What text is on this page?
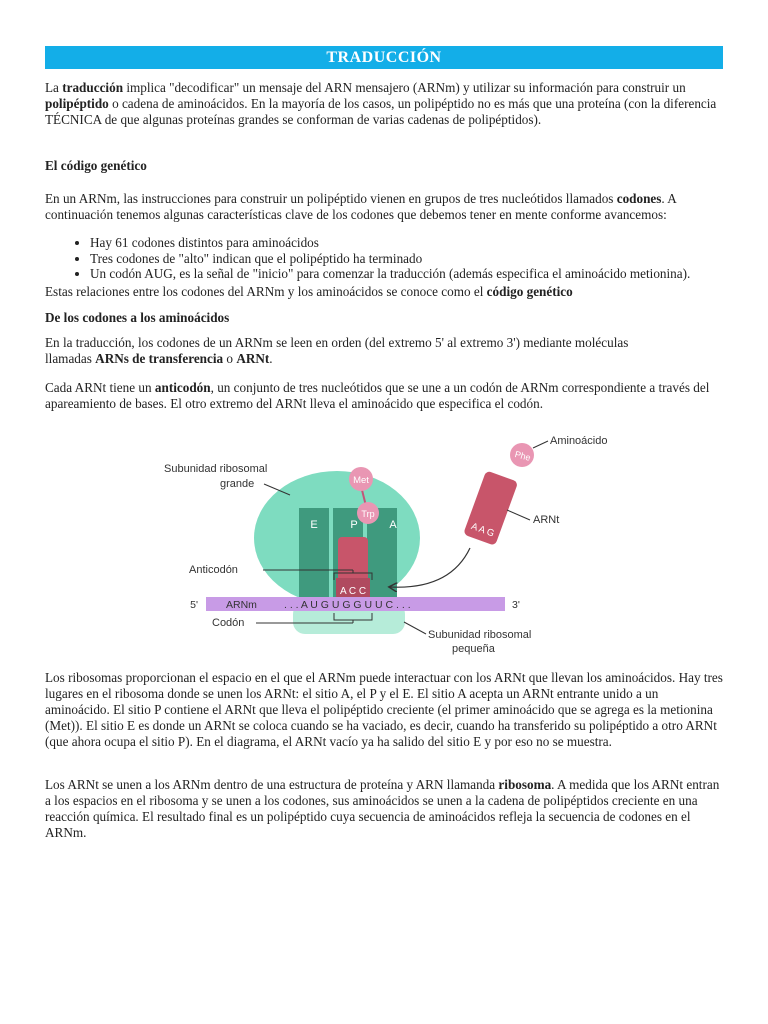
TRADUCCIÓN
La traducción implica "decodificar" un mensaje del ARN mensajero (ARNm) y utilizar su información para construir un polipéptido o cadena de aminoácidos. En la mayoría de los casos, un polipéptido no es más que una proteína (con la diferencia TÉCNICA de que algunas proteínas grandes se conforman de varias cadenas de polipéptidos).
El código genético
En un ARNm, las instrucciones para construir un polipéptido vienen en grupos de tres nucleótidos llamados codones. A continuación tenemos algunas características clave de los codones que debemos tener en mente conforme avancemos:
• Hay 61 codones distintos para aminoácidos
• Tres codones de "alto" indican que el polipéptido ha terminado
• Un codón AUG, es la señal de "inicio" para comenzar la traducción (además especifica el aminoácido metionina).
Estas relaciones entre los codones del ARNm y los aminoácidos se conoce como el código genético
De los codones a los aminoácidos
En la traducción, los codones de un ARNm se leen en orden (del extremo 5' al extremo 3') mediante moléculas llamadas ARNs de transferencia o ARNt.
Cada ARNt tiene un anticodón, un conjunto de tres nucleótidos que se une a un codón de ARNm correspondiente a través del apareamiento de bases. El otro extremo del ARNt lleva el aminoácido que especifica el codón.
E	P	A
A C C
Met
Trp
5'	3'
ARNm	. . . A U G U G G U U C . . .
A A G
Phe
Anticodón
Codón
Subunidad ribosomal
grande
Subunidad ribosomal
pequeña
Aminoácido
ARNt
Los ribosomas proporcionan el espacio en el que el ARNm puede interactuar con los ARNt que llevan los aminoácidos. Hay tres lugares en el ribosoma donde se unen los ARNt: el sitio A, el P y el E. El sitio A acepta un ARNt entrante unido a un aminoácido. El sitio P contiene el ARNt que lleva el polipéptido creciente (el primer aminoácido que se agrega es la metionina (Met)). El sitio E es donde un ARNt se coloca cuando se ha vaciado, es decir, cuando ha transferido su polipéptido a otro ARNt (que ahora ocupa el sitio P). En el diagrama, el ARNt vacío ya ha salido del sitio E y por eso no se muestra.
Los ARNt se unen a los ARNm dentro de una estructura de proteína y ARN llamanda ribosoma. A medida que los ARNt entran a los espacios en el ribosoma y se unen a los codones, sus aminoácidos se unen a la cadena de polipéptidos creciente en una reacción química. El resultado final es un polipéptido cuya secuencia de aminoácidos refleja la secuencia de codones en el ARNm.
